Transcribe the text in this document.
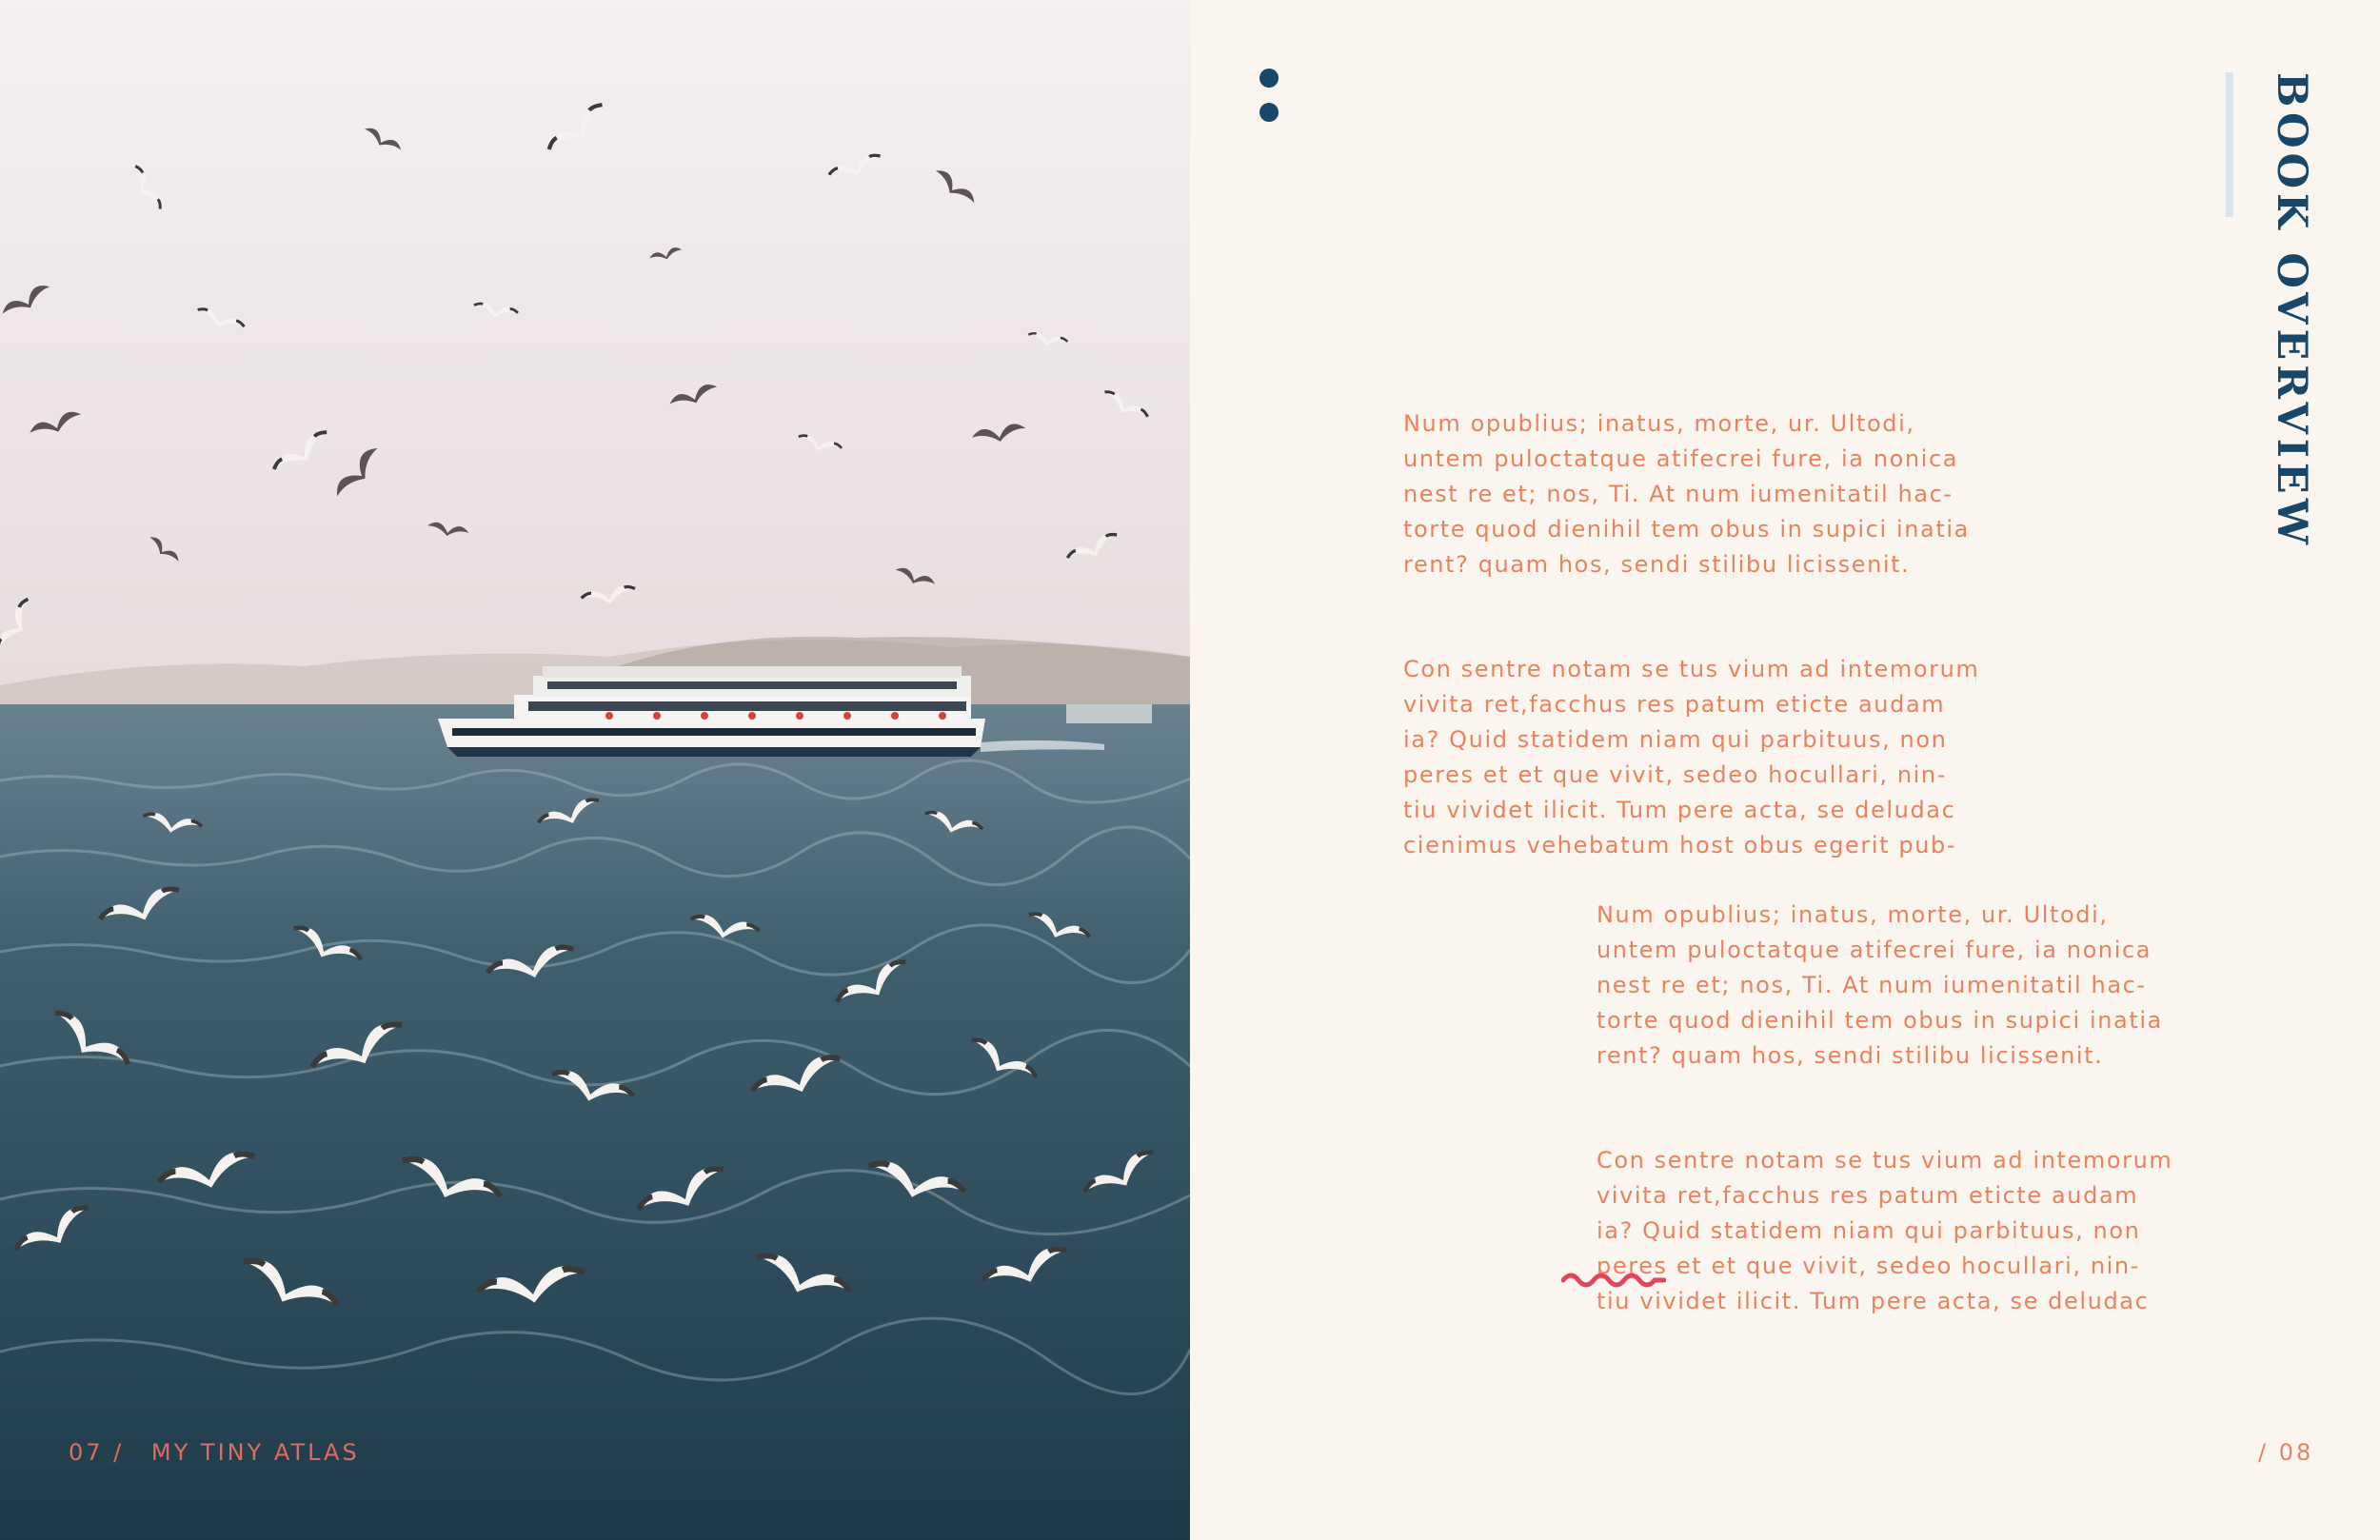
07 / MY TINY ATLAS
BOOK OVERVIEW

Num opublius; inatus, morte, ur. Ultodi,
untem puloctatque atifecrei fure, ia nonica
nest re et; nos, Ti. At num iumenitatil hac-
torte quod dienihil tem obus in supici inatia
rent? quam hos, sendi stilibu licissenit.

Con sentre notam se tus vium ad intemorum
vivita ret,facchus res patum eticte audam
ia? Quid statidem niam qui parbituus, non
peres et et que vivit, sedeo hocullari, nin-
tiu vividet ilicit. Tum pere acta, se deludac
cienimus vehebatum host obus egerit pub-

Num opublius; inatus, morte, ur. Ultodi,
untem puloctatque atifecrei fure, ia nonica
nest re et; nos, Ti. At num iumenitatil hac-
torte quod dienihil tem obus in supici inatia
rent? quam hos, sendi stilibu licissenit.

Con sentre notam se tus vium ad intemorum
vivita ret,facchus res patum eticte audam
ia? Quid statidem niam qui parbituus, non
peres et et que vivit, sedeo hocullari, nin-
tiu vividet ilicit. Tum pere acta, se deludac

/ 08
